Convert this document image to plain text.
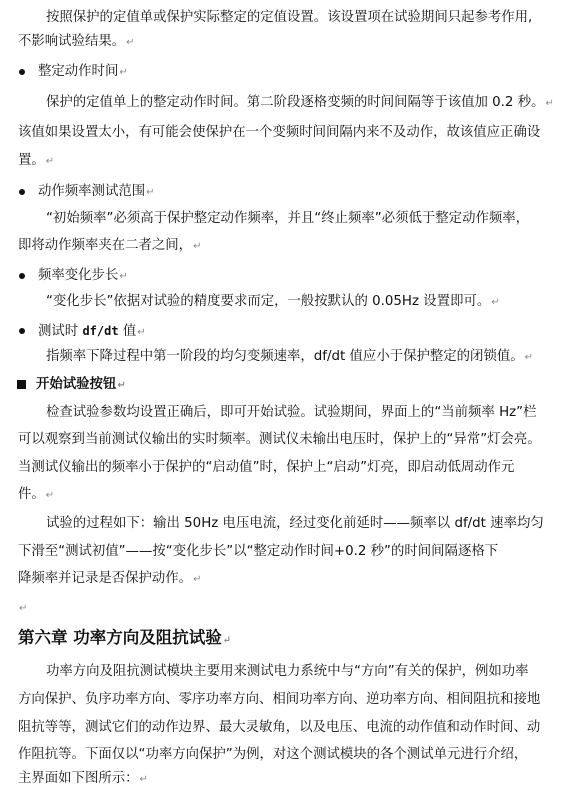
按照保护的定值单或保护实际整定的定值设置。该设置项在试验期间只起参考作用,
不影响试验结果。↵
整定动作时间↵
保护的定值单上的整定动作时间。第二阶段逐格变频的时间间隔等于该值加 0.2 秒。↵
该值如果设置太小，有可能会使保护在一个变频时间间隔内来不及动作，故该值应正确设
置。↵
动作频率测试范围↵
“初始频率”必须高于保护整定动作频率，并且“终止频率”必须低于整定动作频率，
即将动作频率夹在二者之间，↵
频率变化步长↵
“变化步长”依据对试验的精度要求而定，一般按默认的 0.05Hz 设置即可。↵
测试时 df/dt 值↵
指频率下降过程中第一阶段的均匀变频速率，df/dt 值应小于保护整定的闭锁值。↵
开始试验按钮↵
检查试验参数均设置正确后，即可开始试验。试验期间，界面上的“当前频率 Hz”栏
可以观察到当前测试仪输出的实时频率。测试仪未输出电压时，保护上的“异常”灯会亮。
当测试仪输出的频率小于保护的“启动值”时，保护上“启动”灯亮，即启动低周动作元
件。↵
试验的过程如下：输出 50Hz 电压电流，经过变化前延时——频率以 df/dt 速率均匀
下滑至“测试初值”——按“变化步长”以“整定动作时间+0.2 秒”的时间间隔逐格下
降频率并记录是否保护动作。↵
↵
第六章 功率方向及阻抗试验↵
功率方向及阻抗测试模块主要用来测试电力系统中与“方向”有关的保护，例如功率
方向保护、负序功率方向、零序功率方向、相间功率方向、逆功率方向、相间阻抗和接地
阻抗等等，测试它们的动作边界、最大灵敏角，以及电压、电流的动作值和动作时间、动
作阻抗等。下面仅以“功率方向保护”为例，对这个测试模块的各个测试单元进行介绍，
主界面如下图所示：↵
